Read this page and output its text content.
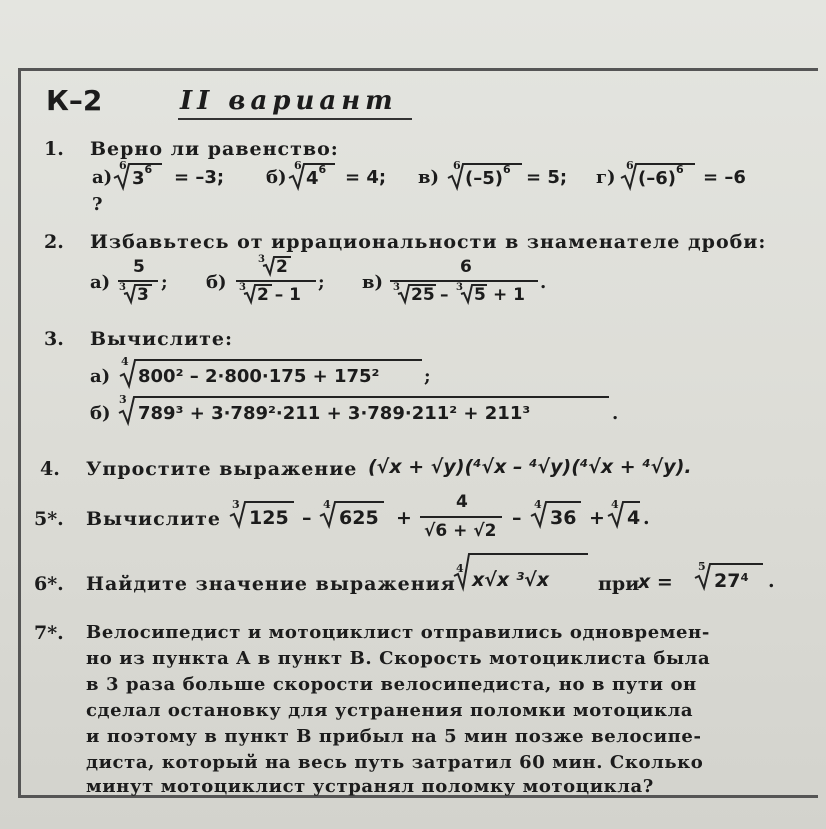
К–2	II вариант
1. Верно ли равенство:
а)
6
$3^6 = -3$; б)
6
$4^6 = 4$; в)
6
$(-5)^6 = 5$; г)
6
$(-6)^6 = -6$
?
2. Избавьтесь от иррациональности в знаменателе дроби:
а)
5
3 3
; б)
3 2
3 2 – 1
; в)
6
3 25 – 3 5 + 1
.
3. Вычислите:
а)
4
800² – 2·800·175 + 175² ;
б)
3
789³ + 3·789²·211 + 3·789·211² + 211³	.
4. Упростите выражение (√x + √y)(⁴√x – ⁴√y)(⁴√x + ⁴√y).
5*. Вычислите
3
125 –
4
625 +
4
√6 + √2
–
4
36 +
4
4 .
6*. Найдите значение выражения
4
x√x ³√x	при
x =
5
27⁴ .
7*. Велосипедист и мотоциклист отправились одновремен-
но из пункта A в пункт B. Скорость мотоциклиста была
в 3 раза больше скорости велосипедиста, но в пути он
сделал остановку для устранения поломки мотоцикла
и поэтому в пункт B прибыл на 5 мин позже велосипе-
диста, который на весь путь затратил 60 мин. Сколько
минут мотоциклист устранял поломку мотоцикла?
